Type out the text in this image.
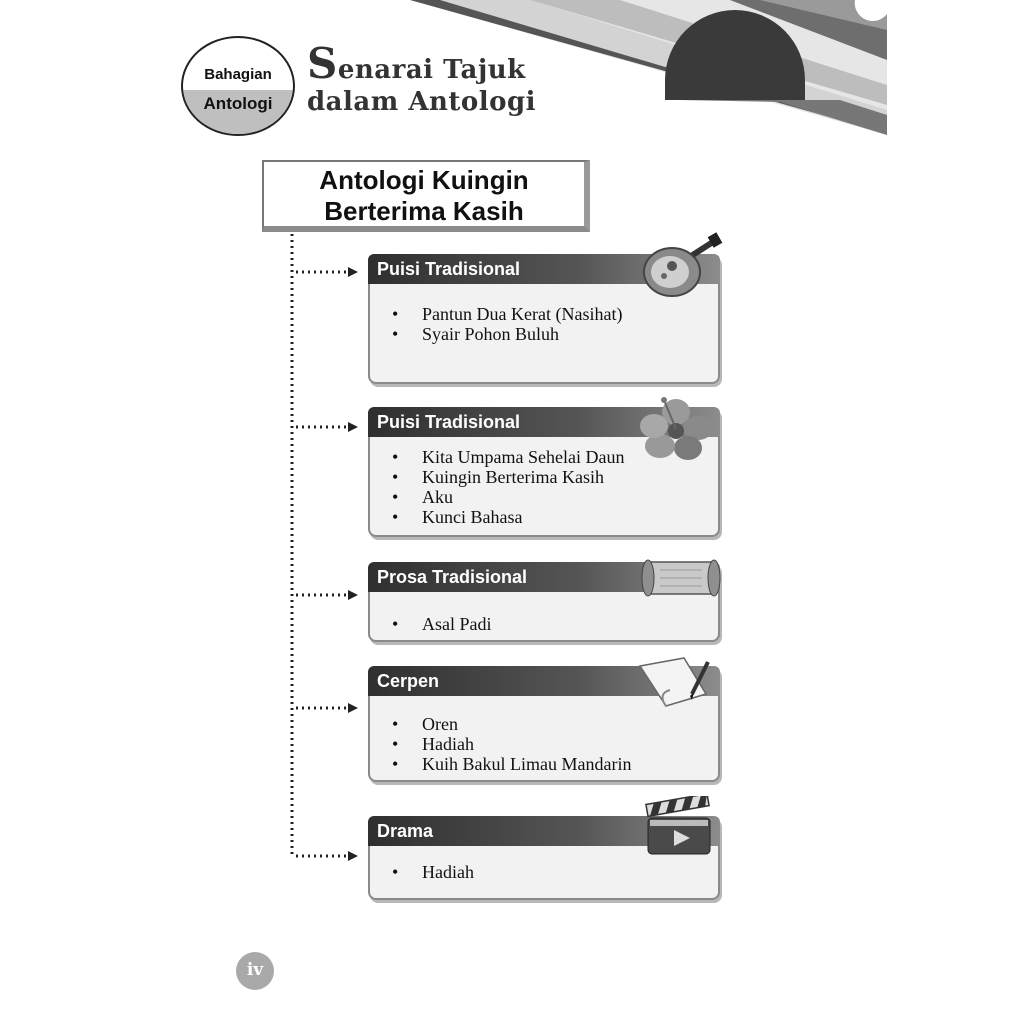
Bahagian
Antologi
Senarai Tajuk
dalam Antologi
Antologi Kuingin
Berterima Kasih
Puisi Tradisional
• Pantun Dua Kerat (Nasihat)
• Syair Pohon Buluh
Puisi Tradisional
• Kita Umpama Sehelai Daun
• Kuingin Berterima Kasih
• Aku
• Kunci Bahasa
Prosa Tradisional
• Asal Padi
Cerpen
• Oren
• Hadiah
• Kuih Bakul Limau Mandarin
Drama
• Hadiah
iv
